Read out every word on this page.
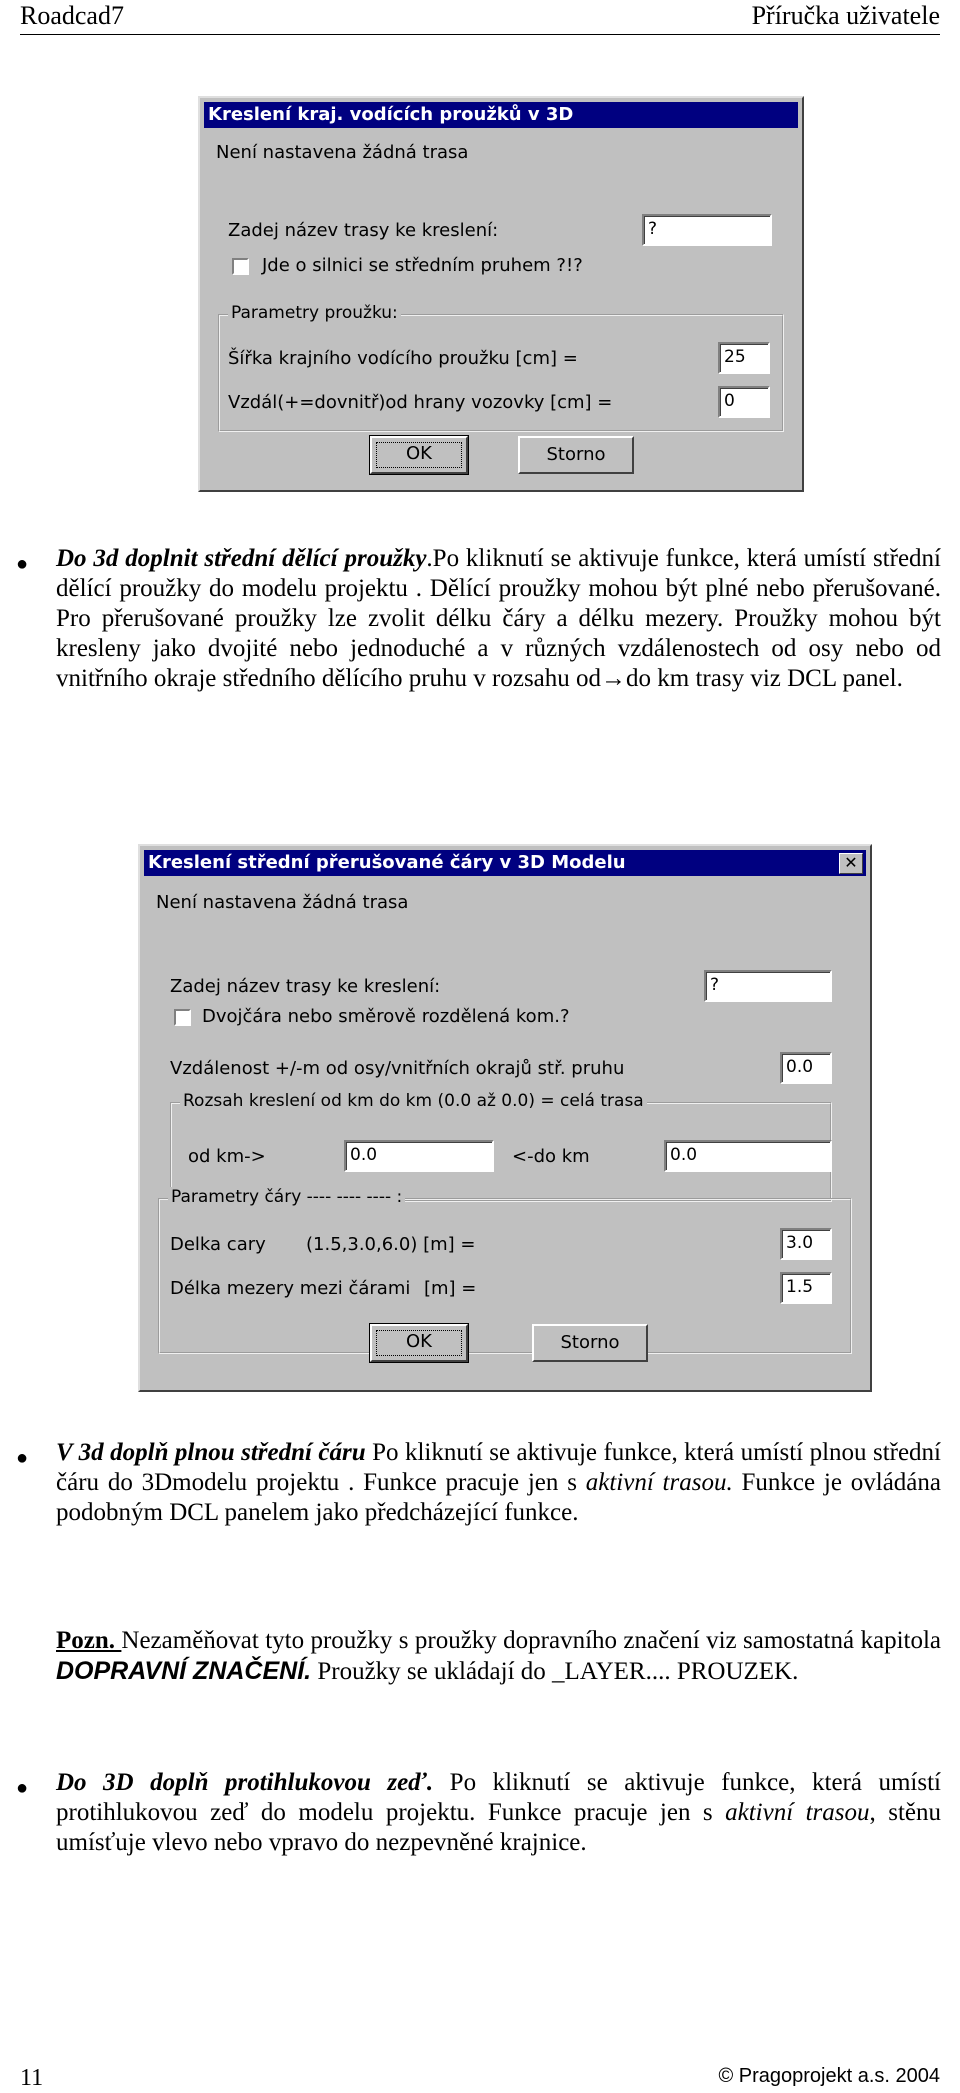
Roadcad7	Příručka uživatele
Kreslení kraj. vodících proužků v 3D
Není nastavena žádná trasa
Zadej název trasy ke kreslení:	?
Jde o silnici se středním pruhem ?!?
Parametry proužku:
Šířka krajního vodícího proužku [cm] =	25
Vzdál(+=dovnitř)od hrany vozovky [cm] =	0
OK	Storno
● Do 3d doplnit střední dělící proužky.Po kliknutí se aktivuje funkce, která umístí střední dělící proužky do modelu projektu . Dělící proužky mohou být plné nebo přerušované. Pro přerušované proužky lze zvolit délku čáry a délku mezery. Proužky mohou být kresleny jako dvojité nebo jednoduché a v různých vzdálenostech od osy nebo od vnitřního okraje středního dělícího pruhu v rozsahu od→do km trasy viz DCL panel.
Kreslení střední přerušované čáry v 3D Modelu	✕
Není nastavena žádná trasa
Zadej název trasy ke kreslení:	?
Dvojčára nebo směrově rozdělená kom.?
Vzdálenost +/-m od osy/vnitřních okrajů stř. pruhu	0.0
Rozsah kreslení od km do km (0.0 až 0.0) = celá trasa
od km->	0.0	<-do km	0.0
Parametry čáry ---- ---- ---- :
Delka cary (1.5,3.0,6.0) [m] =	3.0
Délka mezery mezi čárami [m] =	1.5
OK	Storno
● V 3d doplň plnou střední čáru Po kliknutí se aktivuje funkce, která umístí plnou střední čáru do 3Dmodelu projektu . Funkce pracuje jen s aktivní trasou. Funkce je ovládána podobným DCL panelem jako předcházející funkce.
Pozn. Nezaměňovat tyto proužky s proužky dopravního značení viz samostatná kapitola DOPRAVNÍ ZNAČENÍ. Proužky se ukládají do _LAYER.... PROUZEK.
● Do 3D doplň protihlukovou zeď. Po kliknutí se aktivuje funkce, která umístí protihlukovou zeď do modelu projektu. Funkce pracuje jen s aktivní trasou, stěnu umísťuje vlevo nebo vpravo do nezpevněné krajnice.
11	© Pragoprojekt a.s. 2004
